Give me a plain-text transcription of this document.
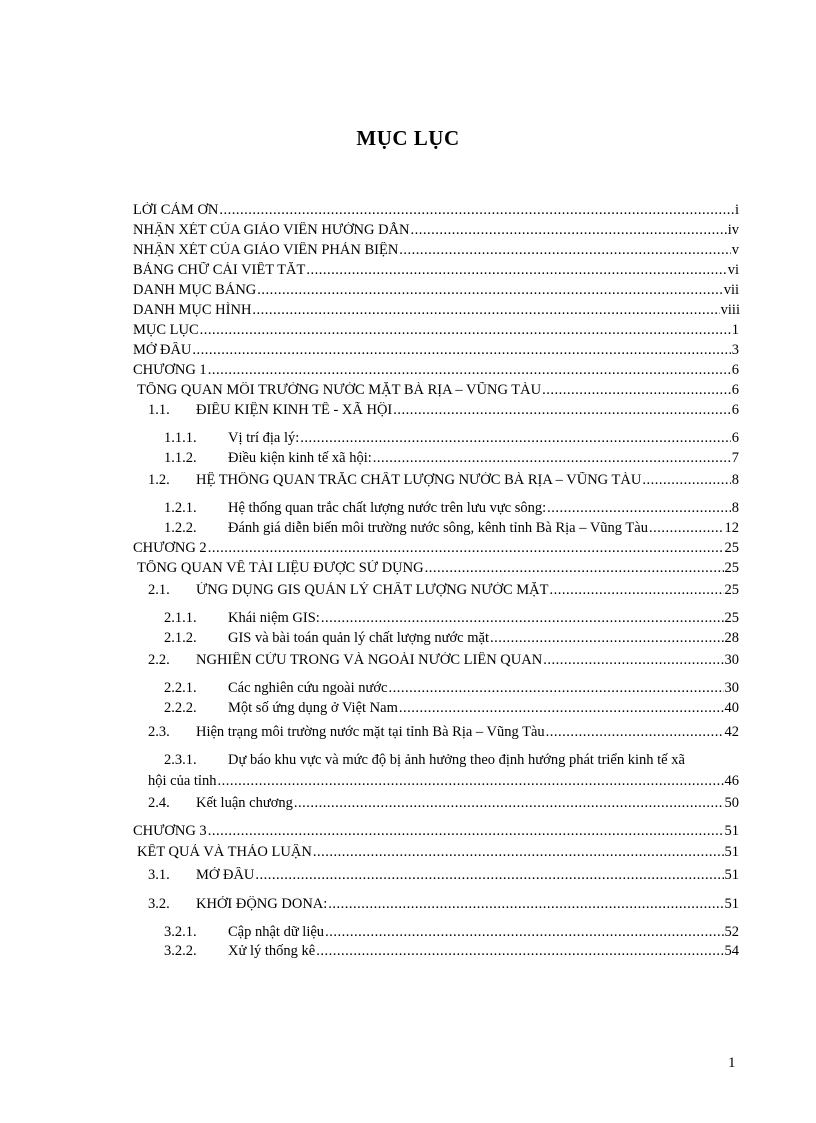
MỤC LỤC
LỜI CẢM ƠN .....	i
NHẬN XÉT CỦA GIÁO VIÊN HƯỚNG DẪN .....	iv
NHẬN XÉT CỦA GIÁO VIÊN PHẢN BIỆN .....	v
BẢNG CHỮ CÁI VIẾT TẮT .....	vi
DANH MỤC BẢNG .....	vii
DANH MỤC HÌNH .....	viii
MỤC LỤC .....	1
MỞ ĐẦU .....	3
CHƯƠNG 1 .....	6
TỔNG QUAN MÔI TRƯỜNG NƯỚC MẶT BÀ RỊA – VŨNG TÀU .....	6
1.1.	ĐIỀU KIỆN KINH TẾ - XÃ HỘI .....	6
1.1.1.	Vị trí địa lý: .....	6
1.1.2.	Điều kiện kinh tế xã hội: .....	7
1.2.	HỆ THỐNG QUAN TRẮC CHẤT LƯỢNG NƯỚC BÀ RỊA – VŨNG TÀU .....	8
1.2.1.	Hệ thống quan trắc chất lượng nước trên lưu vực sông: .....	8
1.2.2.	Đánh giá diễn biến môi trường nước sông, kênh tỉnh Bà Rịa – Vũng Tàu .....	12
CHƯƠNG 2 .....	25
TỔNG QUAN VỀ TÀI LIỆU ĐƯỢC SỬ DỤNG .....	25
2.1.	ỨNG DỤNG GIS QUẢN LÝ CHẤT LƯỢNG NƯỚC MẶT .....	25
2.1.1.	Khái niệm GIS: .....	25
2.1.2.	GIS và bài toán quản lý chất lượng nước mặt .....	28
2.2.	NGHIÊN CỨU TRONG VÀ NGOÀI NƯỚC LIÊN QUAN .....	30
2.2.1.	Các nghiên cứu ngoài nước .....	30
2.2.2.	Một số ứng dụng ở Việt Nam .....	40
2.3.	Hiện trạng môi trường nước mặt tại tỉnh Bà Rịa – Vũng Tàu .....	42
2.3.1.	Dự báo khu vực và mức độ bị ảnh hưởng theo định hướng phát triển kinh tế xã
hội của tỉnh .....	46
2.4.	Kết luận chương .....	50
CHƯƠNG 3 .....	51
KẾT QUẢ VÀ THẢO LUẬN .....	51
3.1.	MỞ ĐẦU .....	51
3.2.	KHỞI ĐỘNG DONA: .....	51
3.2.1.	Cập nhật dữ liệu .....	52
3.2.2.	Xử lý thống kê .....	54
1
